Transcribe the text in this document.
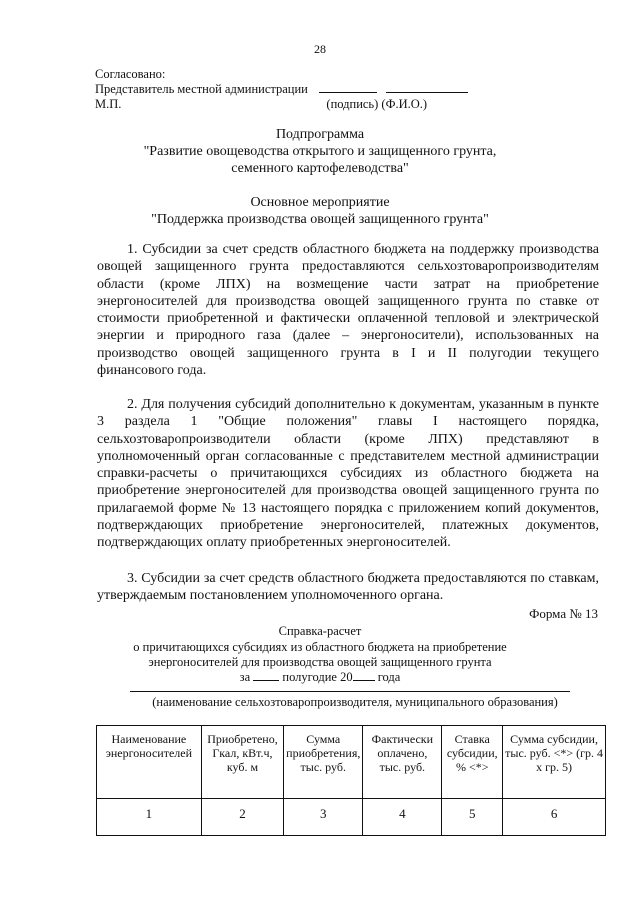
28
Согласовано:
Представитель местной администрации
М.П.	(подпись) (Ф.И.О.)
Подпрограмма
"Развитие овощеводства открытого и защищенного грунта,
семенного картофелеводства"
Основное мероприятие
"Поддержка производства овощей защищенного грунта"
1. Субсидии за счет средств областного бюджета на поддержку производства овощей защищенного грунта предоставляются сельхозтоваропроизводителям области (кроме ЛПХ) на возмещение части затрат на приобретение энергоносителей для производства овощей защищенного грунта по ставке от стоимости приобретенной и фактически оплаченной тепловой и электрической энергии и природного газа (далее – энергоносители), использованных на производство овощей защищенного грунта в I и II полугодии текущего финансового года.
2. Для получения субсидий дополнительно к документам, указанным в пункте 3 раздела 1 "Общие положения" главы I настоящего порядка, сельхозтоваропроизводители области (кроме ЛПХ) представляют в уполномоченный орган согласованные с представителем местной администрации справки-расчеты о причитающихся субсидиях из областного бюджета на приобретение энергоносителей для производства овощей защищенного грунта по прилагаемой форме № 13 настоящего порядка с приложением копий документов, подтверждающих приобретение энергоносителей, платежных документов, подтверждающих оплату приобретенных энергоносителей.
3. Субсидии за счет средств областного бюджета предоставляются по ставкам, утверждаемым постановлением уполномоченного органа.
Форма № 13
Справка-расчет
о причитающихся субсидиях из областного бюджета на приобретение
энергоносителей для производства овощей защищенного грунта
за	полугодие 20 года
(наименование сельхозтоваропроизводителя, муниципального образования)
Наименование энергоносителей	Приобретено, Гкал, кВт.ч, куб. м	Сумма приобретения, тыс. руб.	Фактически оплачено, тыс. руб.	Ставка субсидии, % <*>	Сумма субсидии, тыс. руб. <*> (гр. 4 x гр. 5)
1	2	3	4	5	6
